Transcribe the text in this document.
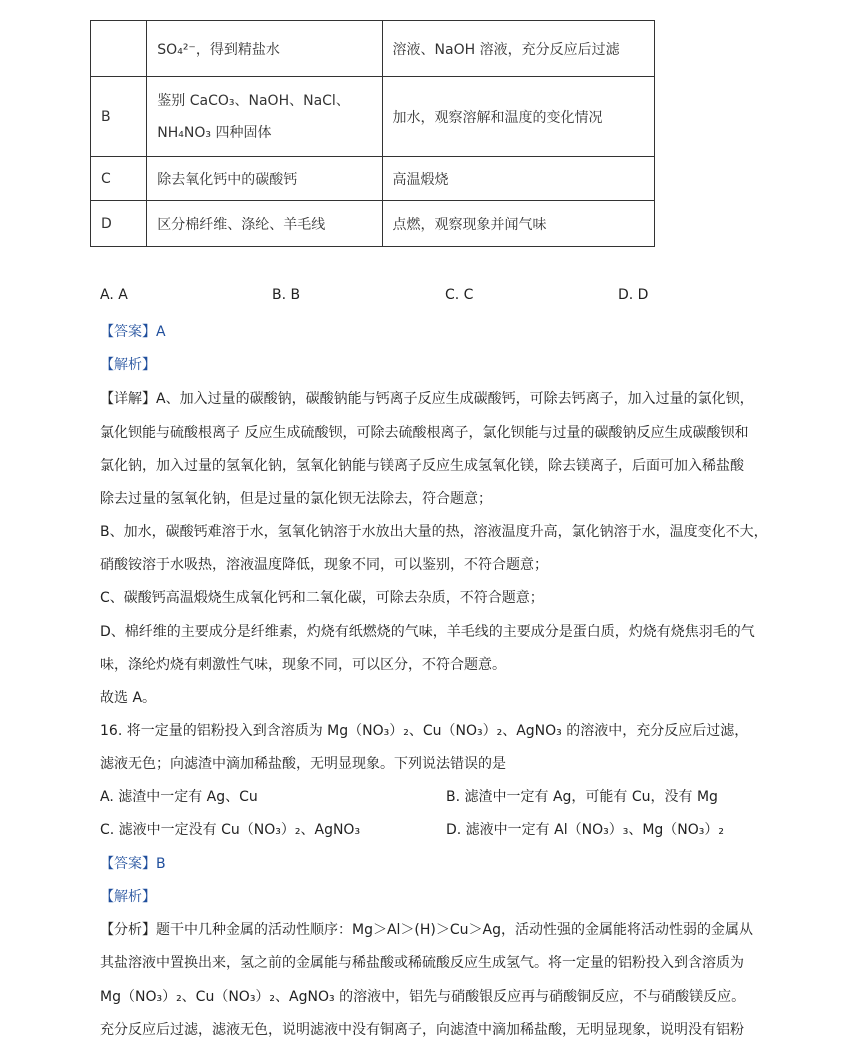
	SO₄²⁻，得到精盐水	溶液、NaOH 溶液，充分反应后过滤
B	鉴别 CaCO₃、NaOH、NaCl、
NH₄NO₃ 四种固体	加水，观察溶解和温度的变化情况
C	除去氧化钙中的碳酸钙	高温煅烧
D	区分棉纤维、涤纶、羊毛线	点燃，观察现象并闻气味
A. A	B. B	C. C	D. D
【答案】A
【解析】
【详解】A、加入过量的碳酸钠，碳酸钠能与钙离子反应生成碳酸钙，可除去钙离子，加入过量的氯化钡，
氯化钡能与硫酸根离子 反应生成硫酸钡，可除去硫酸根离子，氯化钡能与过量的碳酸钠反应生成碳酸钡和
氯化钠，加入过量的氢氧化钠，氢氧化钠能与镁离子反应生成氢氧化镁，除去镁离子，后面可加入稀盐酸
除去过量的氢氧化钠，但是过量的氯化钡无法除去，符合题意；
B、加水，碳酸钙难溶于水，氢氧化钠溶于水放出大量的热，溶液温度升高，氯化钠溶于水，温度变化不大，
硝酸铵溶于水吸热，溶液温度降低，现象不同，可以鉴别，不符合题意；
C、碳酸钙高温煅烧生成氧化钙和二氧化碳，可除去杂质，不符合题意；
D、棉纤维的主要成分是纤维素，灼烧有纸燃烧的气味，羊毛线的主要成分是蛋白质，灼烧有烧焦羽毛的气
味，涤纶灼烧有刺激性气味，现象不同，可以区分，不符合题意。
故选 A。
16. 将一定量的铝粉投入到含溶质为 Mg（NO₃）₂、Cu（NO₃）₂、AgNO₃ 的溶液中，充分反应后过滤，
滤液无色；向滤渣中滴加稀盐酸，无明显现象。下列说法错误的是
A. 滤渣中一定有 Ag、Cu	B. 滤渣中一定有 Ag，可能有 Cu，没有 Mg
C. 滤液中一定没有 Cu（NO₃）₂、AgNO₃	D. 滤液中一定有 Al（NO₃）₃、Mg（NO₃）₂
【答案】B
【解析】
【分析】题干中几种金属的活动性顺序：Mg＞Al＞(H)＞Cu＞Ag，活动性强的金属能将活动性弱的金属从
其盐溶液中置换出来，氢之前的金属能与稀盐酸或稀硫酸反应生成氢气。将一定量的铝粉投入到含溶质为
Mg（NO₃）₂、Cu（NO₃）₂、AgNO₃ 的溶液中，铝先与硝酸银反应再与硝酸铜反应，不与硝酸镁反应。
充分反应后过滤，滤液无色，说明滤液中没有铜离子，向滤渣中滴加稀盐酸，无明显现象，说明没有铝粉
